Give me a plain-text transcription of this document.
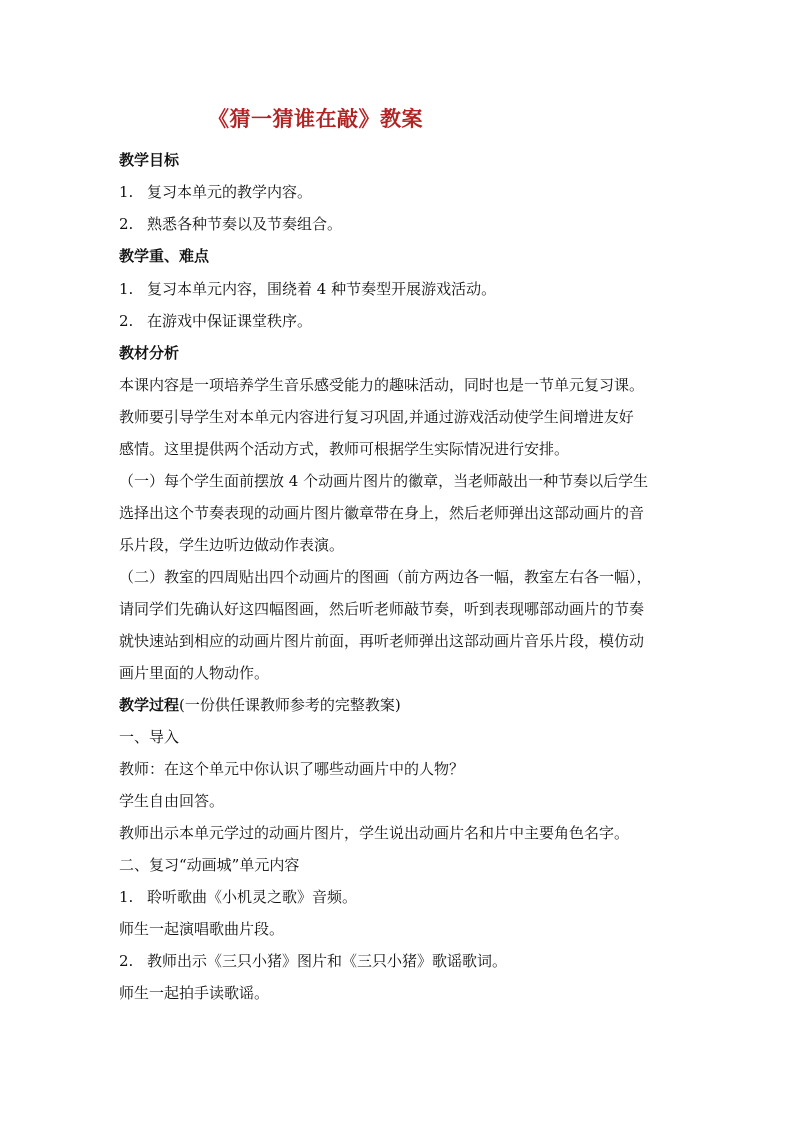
《猜一猜谁在敲》教案
教学目标
1. 复习本单元的教学内容。
2. 熟悉各种节奏以及节奏组合。
教学重、难点
1. 复习本单元内容，围绕着 4 种节奏型开展游戏活动。
2. 在游戏中保证课堂秩序。
教材分析
本课内容是一项培养学生音乐感受能力的趣味活动，同时也是一节单元复习课。
教师要引导学生对本单元内容进行复习巩固,并通过游戏活动使学生间增进友好
感情。这里提供两个活动方式，教师可根据学生实际情况进行安排。
（一）每个学生面前摆放 4 个动画片图片的徽章，当老师敲出一种节奏以后学生
选择出这个节奏表现的动画片图片徽章带在身上，然后老师弹出这部动画片的音
乐片段，学生边听边做动作表演。
（二）教室的四周贴出四个动画片的图画（前方两边各一幅，教室左右各一幅），
请同学们先确认好这四幅图画，然后听老师敲节奏，听到表现哪部动画片的节奏
就快速站到相应的动画片图片前面，再听老师弹出这部动画片音乐片段，模仿动
画片里面的人物动作。
教学过程(一份供任课教师参考的完整教案)
一、导入
教师：在这个单元中你认识了哪些动画片中的人物？
学生自由回答。
教师出示本单元学过的动画片图片，学生说出动画片名和片中主要角色名字。
二、复习“动画城”单元内容
1. 聆听歌曲《小机灵之歌》音频。
师生一起演唱歌曲片段。
2. 教师出示《三只小猪》图片和《三只小猪》歌谣歌词。
师生一起拍手读歌谣。
